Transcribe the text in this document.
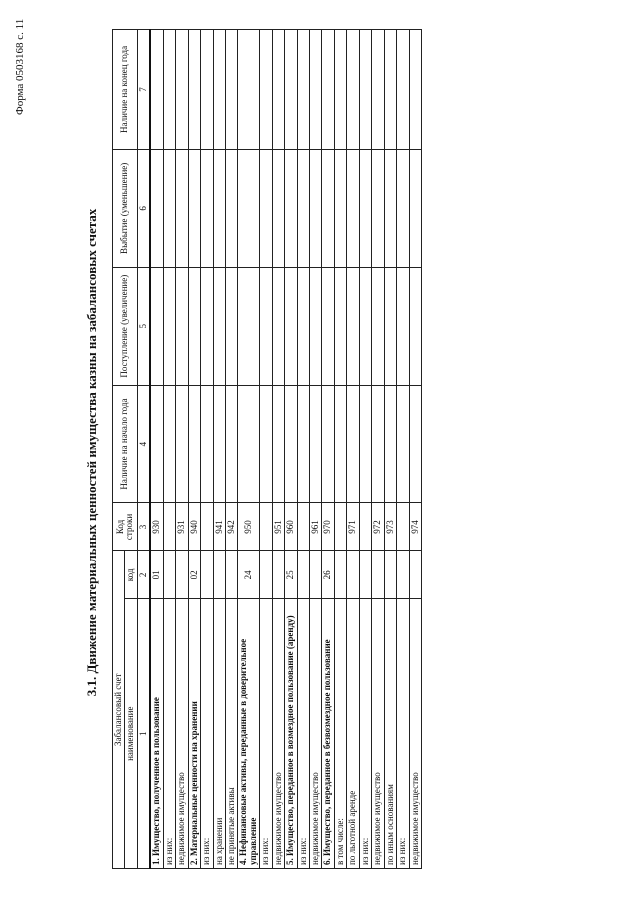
Форма 0503168 с. 11
3.1. Движение материальных ценностей имущества казны на забалансовых счетах
Забалансовый счет		Код строки	Наличие на начало года	Поступление (увеличение)	Выбытие (уменьшение)	Наличие на конец года
наименование	код					
1	2	3	4	5	6	7
1. Имущество, полученное в пользование	01	930				
из них:						
недвижимое имущество		931				
2. Материальные ценности на хранении	02	940				
из них:						
на хранении		941				
не принятые активы		942				
4. Нефинансовые активы, переданные в доверительное управление	24	950				
из них:						
недвижимое имущество		951				
5. Имущество, переданное в возмездное пользование (аренду)	25	960				
из них:						
недвижимое имущество		961				
6. Имущество, переданное в безвозмездное пользование	26	970				
в том числе:						
по льготной аренде		971				
из них:						
недвижимое имущество		972				
по иным основаниям		973				
из них:						
недвижимое имущество		974				
